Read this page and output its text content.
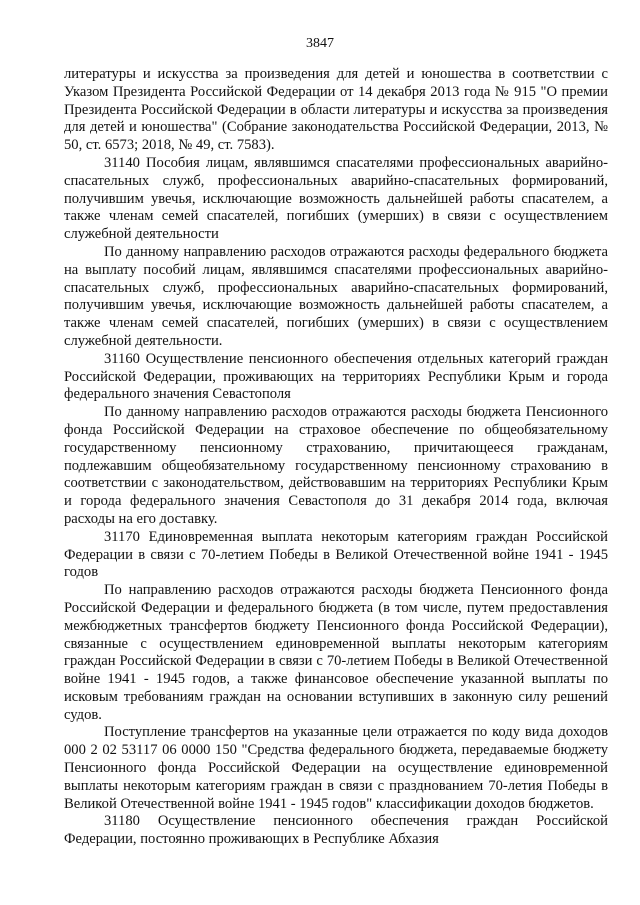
3847

литературы и искусства за произведения для детей и юношества в соответствии с Указом Президента Российской Федерации от 14 декабря 2013 года № 915 "О премии Президента Российской Федерации в области литературы и искусства за произведения для детей и юношества" (Собрание законодательства Российской Федерации, 2013, № 50, ст. 6573; 2018, № 49, ст. 7583).

31140 Пособия лицам, являвшимся спасателями профессиональных аварийно-спасательных служб, профессиональных аварийно-спасательных формирований, получившим увечья, исключающие возможность дальнейшей работы спасателем, а также членам семей спасателей, погибших (умерших) в связи с осуществлением служебной деятельности

По данному направлению расходов отражаются расходы федерального бюджета на выплату пособий лицам, являвшимся спасателями профессиональных аварийно-спасательных служб, профессиональных аварийно-спасательных формирований, получившим увечья, исключающие возможность дальнейшей работы спасателем, а также членам семей спасателей, погибших (умерших) в связи с осуществлением служебной деятельности.

31160 Осуществление пенсионного обеспечения отдельных категорий граждан Российской Федерации, проживающих на территориях Республики Крым и города федерального значения Севастополя

По данному направлению расходов отражаются расходы бюджета Пенсионного фонда Российской Федерации на страховое обеспечение по общеобязательному государственному пенсионному страхованию, причитающееся гражданам, подлежавшим общеобязательному государственному пенсионному страхованию в соответствии с законодательством, действовавшим на территориях Республики Крым и города федерального значения Севастополя до 31 декабря 2014 года, включая расходы на его доставку.

31170 Единовременная выплата некоторым категориям граждан Российской Федерации в связи с 70-летием Победы в Великой Отечественной войне 1941 - 1945 годов

По направлению расходов отражаются расходы бюджета Пенсионного фонда Российской Федерации и федерального бюджета (в том числе, путем предоставления межбюджетных трансфертов бюджету Пенсионного фонда Российской Федерации), связанные с осуществлением единовременной выплаты некоторым категориям граждан Российской Федерации в связи с 70-летием Победы в Великой Отечественной войне 1941 - 1945 годов, а также финансовое обеспечение указанной выплаты по исковым требованиям граждан на основании вступивших в законную силу решений судов.

Поступление трансфертов на указанные цели отражается по коду вида доходов 000 2 02 53117 06 0000 150 "Средства федерального бюджета, передаваемые бюджету Пенсионного фонда Российской Федерации на осуществление единовременной выплаты некоторым категориям граждан в связи с празднованием 70-летия Победы в Великой Отечественной войне 1941 - 1945 годов" классификации доходов бюджетов.

31180 Осуществление пенсионного обеспечения граждан Российской Федерации, постоянно проживающих в Республике Абхазия
